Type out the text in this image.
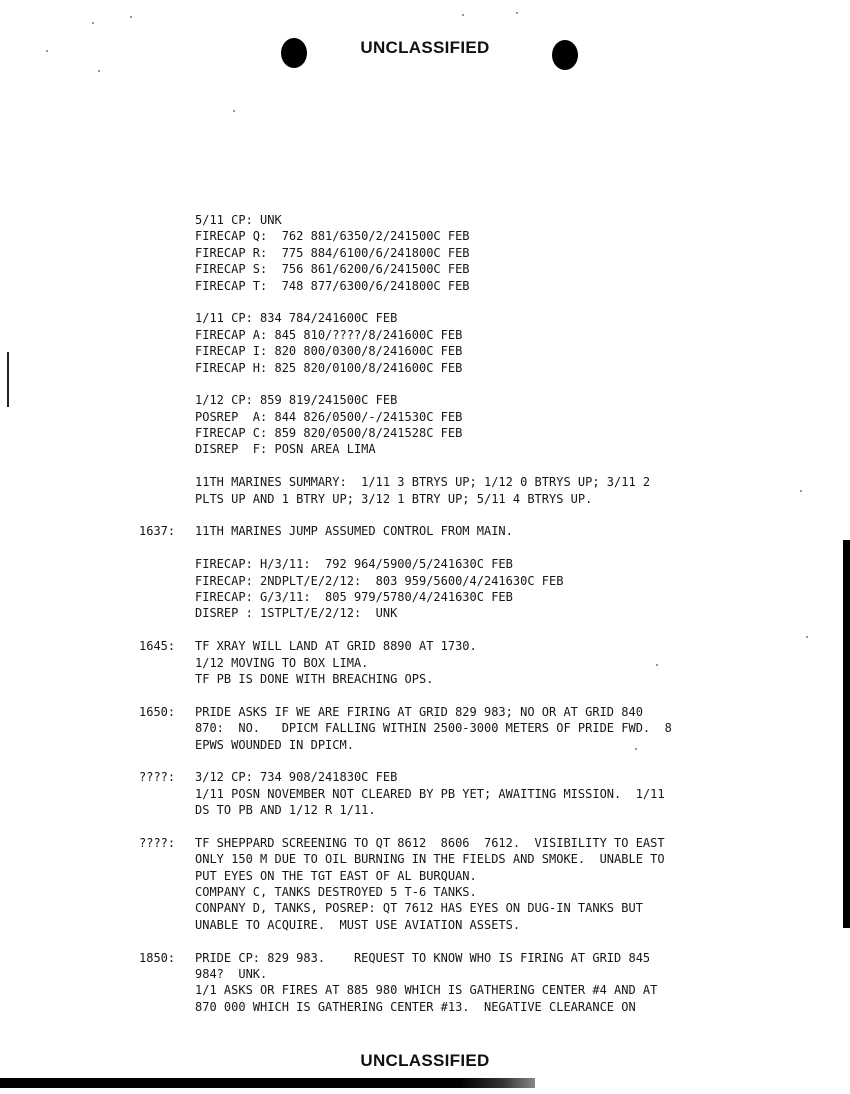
UNCLASSIFIED
5/11 CP: UNK
FIRECAP Q:  762 881/6350/2/241500C FEB
FIRECAP R:  775 884/6100/6/241800C FEB
FIRECAP S:  756 861/6200/6/241500C FEB
FIRECAP T:  748 877/6300/6/241800C FEB
1/11 CP: 834 784/241600C FEB
FIRECAP A: 845 810/????/8/241600C FEB
FIRECAP I: 820 800/0300/8/241600C FEB
FIRECAP H: 825 820/0100/8/241600C FEB
1/12 CP: 859 819/241500C FEB
POSREP  A: 844 826/0500/-/241530C FEB
FIRECAP C: 859 820/0500/8/241528C FEB
DISREP  F: POSN AREA LIMA
11TH MARINES SUMMARY:  1/11 3 BTRYS UP; 1/12 0 BTRYS UP; 3/11 2
PLTS UP AND 1 BTRY UP; 3/12 1 BTRY UP; 5/11 4 BTRYS UP.
1637: 11TH MARINES JUMP ASSUMED CONTROL FROM MAIN.
FIRECAP: H/3/11:  792 964/5900/5/241630C FEB
FIRECAP: 2NDPLT/E/2/12:  803 959/5600/4/241630C FEB
FIRECAP: G/3/11:  805 979/5780/4/241630C FEB
DISREP : 1STPLT/E/2/12:  UNK
1645: TF XRAY WILL LAND AT GRID 8890 AT 1730.
1/12 MOVING TO BOX LIMA.
TF PB IS DONE WITH BREACHING OPS.
1650: PRIDE ASKS IF WE ARE FIRING AT GRID 829 983; NO OR AT GRID 840
870:  NO.   DPICM FALLING WITHIN 2500-3000 METERS OF PRIDE FWD.  8
EPWS WOUNDED IN DPICM.
????: 3/12 CP: 734 908/241830C FEB
1/11 POSN NOVEMBER NOT CLEARED BY PB YET; AWAITING MISSION.  1/11
DS TO PB AND 1/12 R 1/11.
????: TF SHEPPARD SCREENING TO QT 8612  8606  7612.  VISIBILITY TO EAST
ONLY 150 M DUE TO OIL BURNING IN THE FIELDS AND SMOKE.  UNABLE TO
PUT EYES ON THE TGT EAST OF AL BURQUAN.
COMPANY C, TANKS DESTROYED 5 T-6 TANKS.
CONPANY D, TANKS, POSREP: QT 7612 HAS EYES ON DUG-IN TANKS BUT
UNABLE TO ACQUIRE.  MUST USE AVIATION ASSETS.
1850: PRIDE CP: 829 983.    REQUEST TO KNOW WHO IS FIRING AT GRID 845
984?  UNK.
1/1 ASKS OR FIRES AT 885 980 WHICH IS GATHERING CENTER #4 AND AT
870 000 WHICH IS GATHERING CENTER #13.  NEGATIVE CLEARANCE ON
UNCLASSIFIED
